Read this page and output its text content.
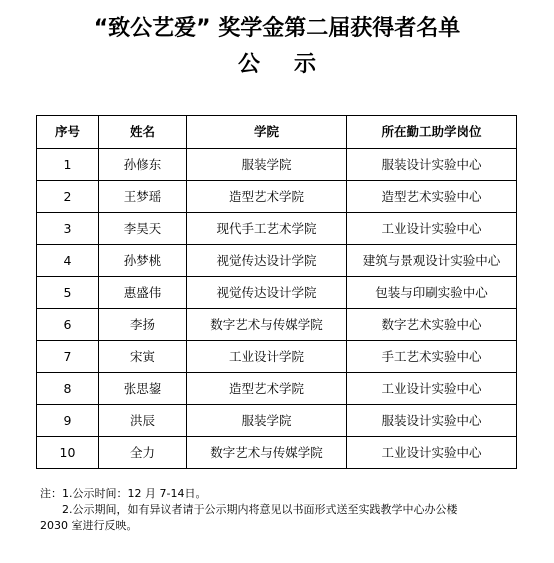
“致公艺爱” 奖学金第二届获得者名单
公示
序号	姓名	学院	所在勤工助学岗位
1	孙修东	服装学院	服装设计实验中心
2	王梦瑶	造型艺术学院	造型艺术实验中心
3	李昊天	现代手工艺术学院	工业设计实验中心
4	孙梦桃	视觉传达设计学院	建筑与景观设计实验中心
5	惠盛伟	视觉传达设计学院	包装与印刷实验中心
6	李扬	数字艺术与传媒学院	数字艺术实验中心
7	宋寅	工业设计学院	手工艺术实验中心
8	张思鋆	造型艺术学院	工业设计实验中心
9	洪辰	服装学院	服装设计实验中心
10	全力	数字艺术与传媒学院	工业设计实验中心
注：1.公示时间：12 月 7-14日。
2.公示期间，如有异议者请于公示期内将意见以书面形式送至实践教学中心办公楼
2030 室进行反映。
